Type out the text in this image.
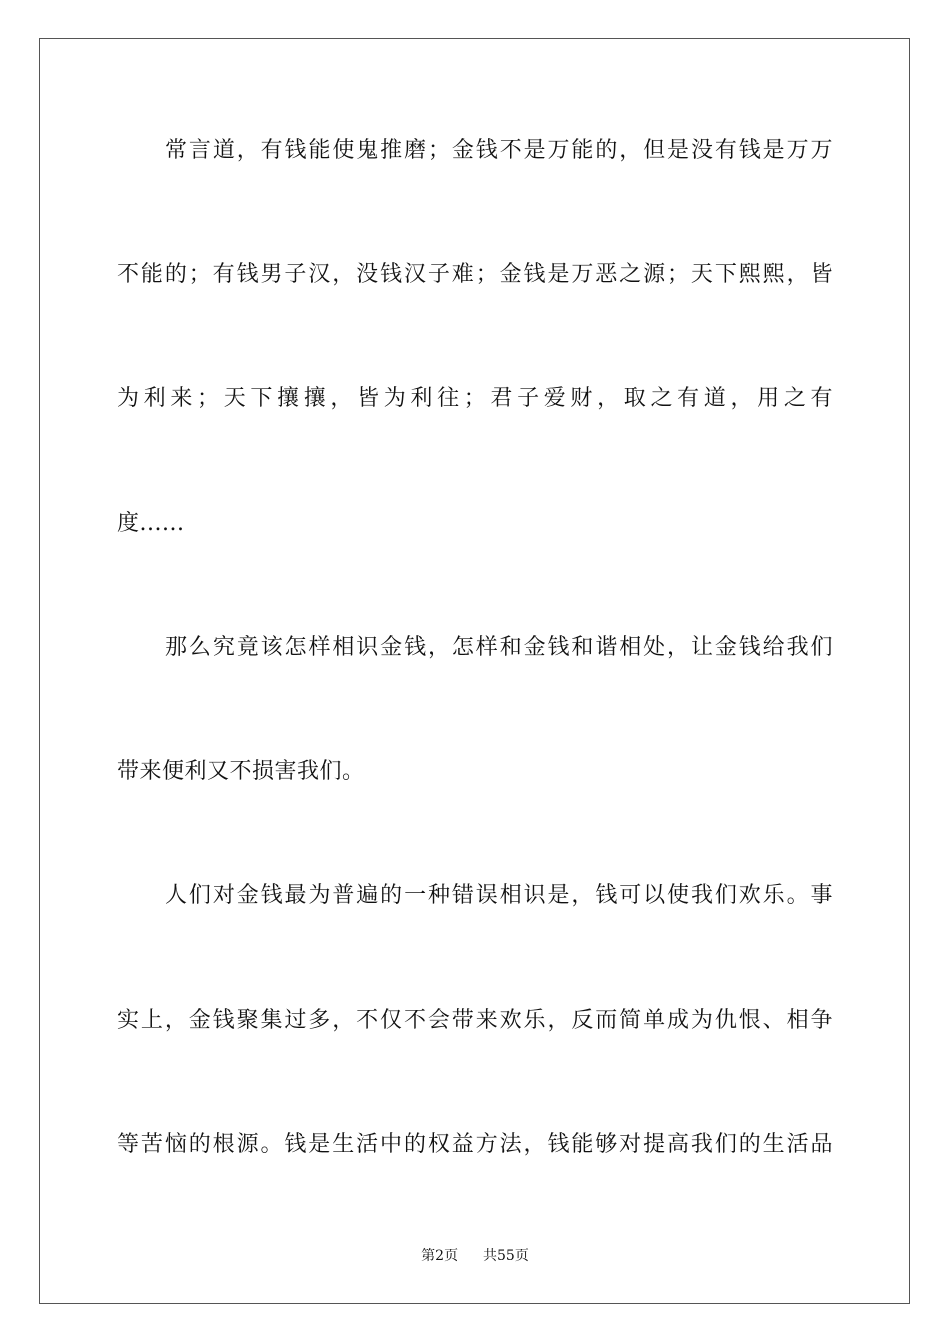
常言道，有钱能使鬼推磨；金钱不是万能的，但是没有钱是万万
不能的；有钱男子汉，没钱汉子难；金钱是万恶之源；天下熙熙，皆
为利来；天下攘攘，皆为利往；君子爱财，取之有道，用之有
度......
那么究竟该怎样相识金钱，怎样和金钱和谐相处，让金钱给我们
带来便利又不损害我们。
人们对金钱最为普遍的一种错误相识是，钱可以使我们欢乐。事
实上，金钱聚集过多，不仅不会带来欢乐，反而简单成为仇恨、相争
等苦恼的根源。钱是生活中的权益方法，钱能够对提高我们的生活品
第2页 共55页
